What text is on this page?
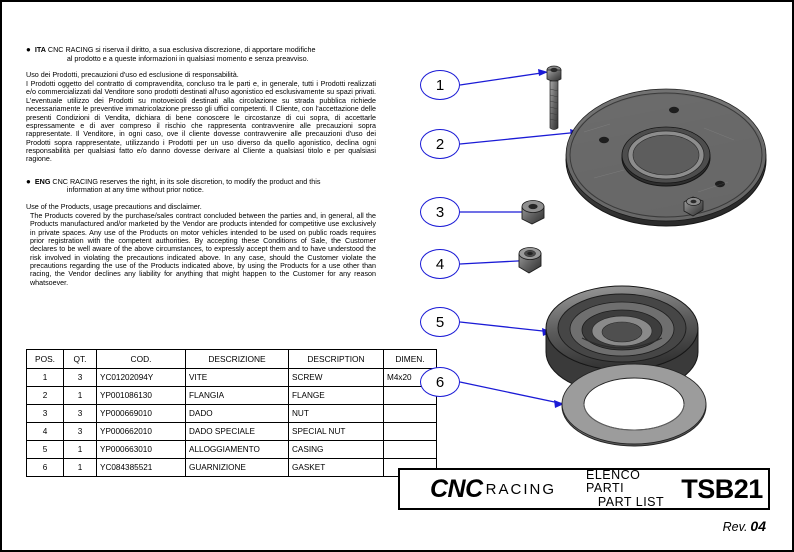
● ITA CNC RACING si riserva il diritto, a sua esclusiva discrezione, di apportare modifiche
al prodotto e a queste informazioni in qualsiasi momento e senza preavviso.
Uso dei Prodotti, precauzioni d'uso ed esclusione di responsabilità.
I Prodotti oggetto del contratto di compravendita, concluso tra le parti e, in generale, tutti i Prodotti realizzati e/o commercializzati dal Venditore sono prodotti destinati all'uso agonistico ed esclusivamente su spazi privati. L'eventuale utilizzo dei Prodotti su motoveicoli destinati alla circolazione su strada pubblica richiede necessariamente le preventive immatricolazione presso gli uffici competenti. Il Cliente, con l'accettazione delle presenti Condizioni di Vendita, dichiara di bene conoscere le circostanze di cui sopra, di accettarle espressamente e di aver compreso il rischio che rappresenta contravvenire alle precauzioni sopra rappresentate. Il Venditore, in ogni caso, ove il cliente dovesse contravvenire alle precauzioni d'uso dei Prodotti sopra rappresentate, utilizzando i Prodotti per un uso diverso da quello agonistico, declina ogni responsabilità per qualsiasi fatto e/o danno dovesse derivare al Cliente a qualsiasi titolo e per qualsiasi ragione.
● ENG CNC RACING reserves the right, in its sole discretion, to modify the product and this
information at any time without prior notice.
Use of the Products, usage precautions and disclaimer.
The Products covered by the purchase/sales contract concluded between the parties and, in general, all the Products manufactured and/or marketed by the Vendor are products intended for competitive use exclusively in private spaces. Any use of the Products on motor vehicles intended to be used on public roads requires prior registration with the competent authorities. By accepting these Conditions of Sale, the Customer declares to be well aware of the above circumstances, to expressly accept them and to have understood the risk involved in violating the precautions indicated above. In any case, should the Customer violate the precautions regarding the use of the Products indicated above, by using the Products for a use other than racing, the Vendor declines any liability for anything that might happen to the Customer for any reason whatsoever.
POS.	QT.	COD.	DESCRIZIONE	DESCRIPTION	DIMEN.
1	3	YC01202094Y	VITE	SCREW	M4x20
2	1	YP001086130	FLANGIA	FLANGE	
3	3	YP000669010	DADO	NUT	
4	3	YP000662010	DADO SPECIALE	SPECIAL NUT	
5	1	YP000663010	ALLOGGIAMENTO	CASING	
6	1	YC084385521	GUARNIZIONE	GASKET	
1
2
3
4
5
6
CNC RACING
ELENCO PARTI
PART LIST TSB21
Rev. 04
